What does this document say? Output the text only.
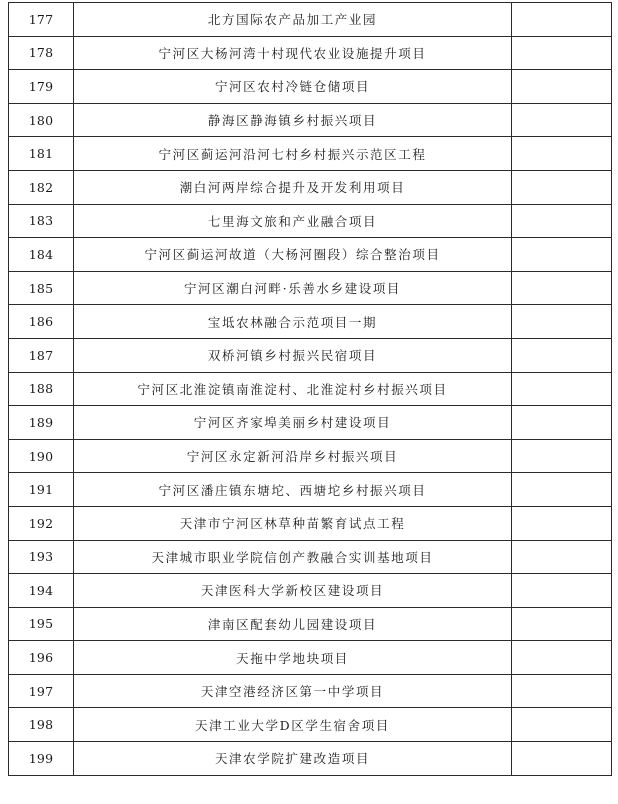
177	北方国际农产品加工产业园	
178	宁河区大杨河湾十村现代农业设施提升项目	
179	宁河区农村冷链仓储项目	
180	静海区静海镇乡村振兴项目	
181	宁河区蓟运河沿河七村乡村振兴示范区工程	
182	潮白河两岸综合提升及开发利用项目	
183	七里海文旅和产业融合项目	
184	宁河区蓟运河故道（大杨河圈段）综合整治项目	
185	宁河区潮白河畔·乐善水乡建设项目	
186	宝坻农林融合示范项目一期	
187	双桥河镇乡村振兴民宿项目	
188	宁河区北淮淀镇南淮淀村、北淮淀村乡村振兴项目	
189	宁河区齐家埠美丽乡村建设项目	
190	宁河区永定新河沿岸乡村振兴项目	
191	宁河区潘庄镇东塘坨、西塘坨乡村振兴项目	
192	天津市宁河区林草种苗繁育试点工程	
193	天津城市职业学院信创产教融合实训基地项目	
194	天津医科大学新校区建设项目	
195	津南区配套幼儿园建设项目	
196	天拖中学地块项目	
197	天津空港经济区第一中学项目	
198	天津工业大学D区学生宿舍项目	
199	天津农学院扩建改造项目	
